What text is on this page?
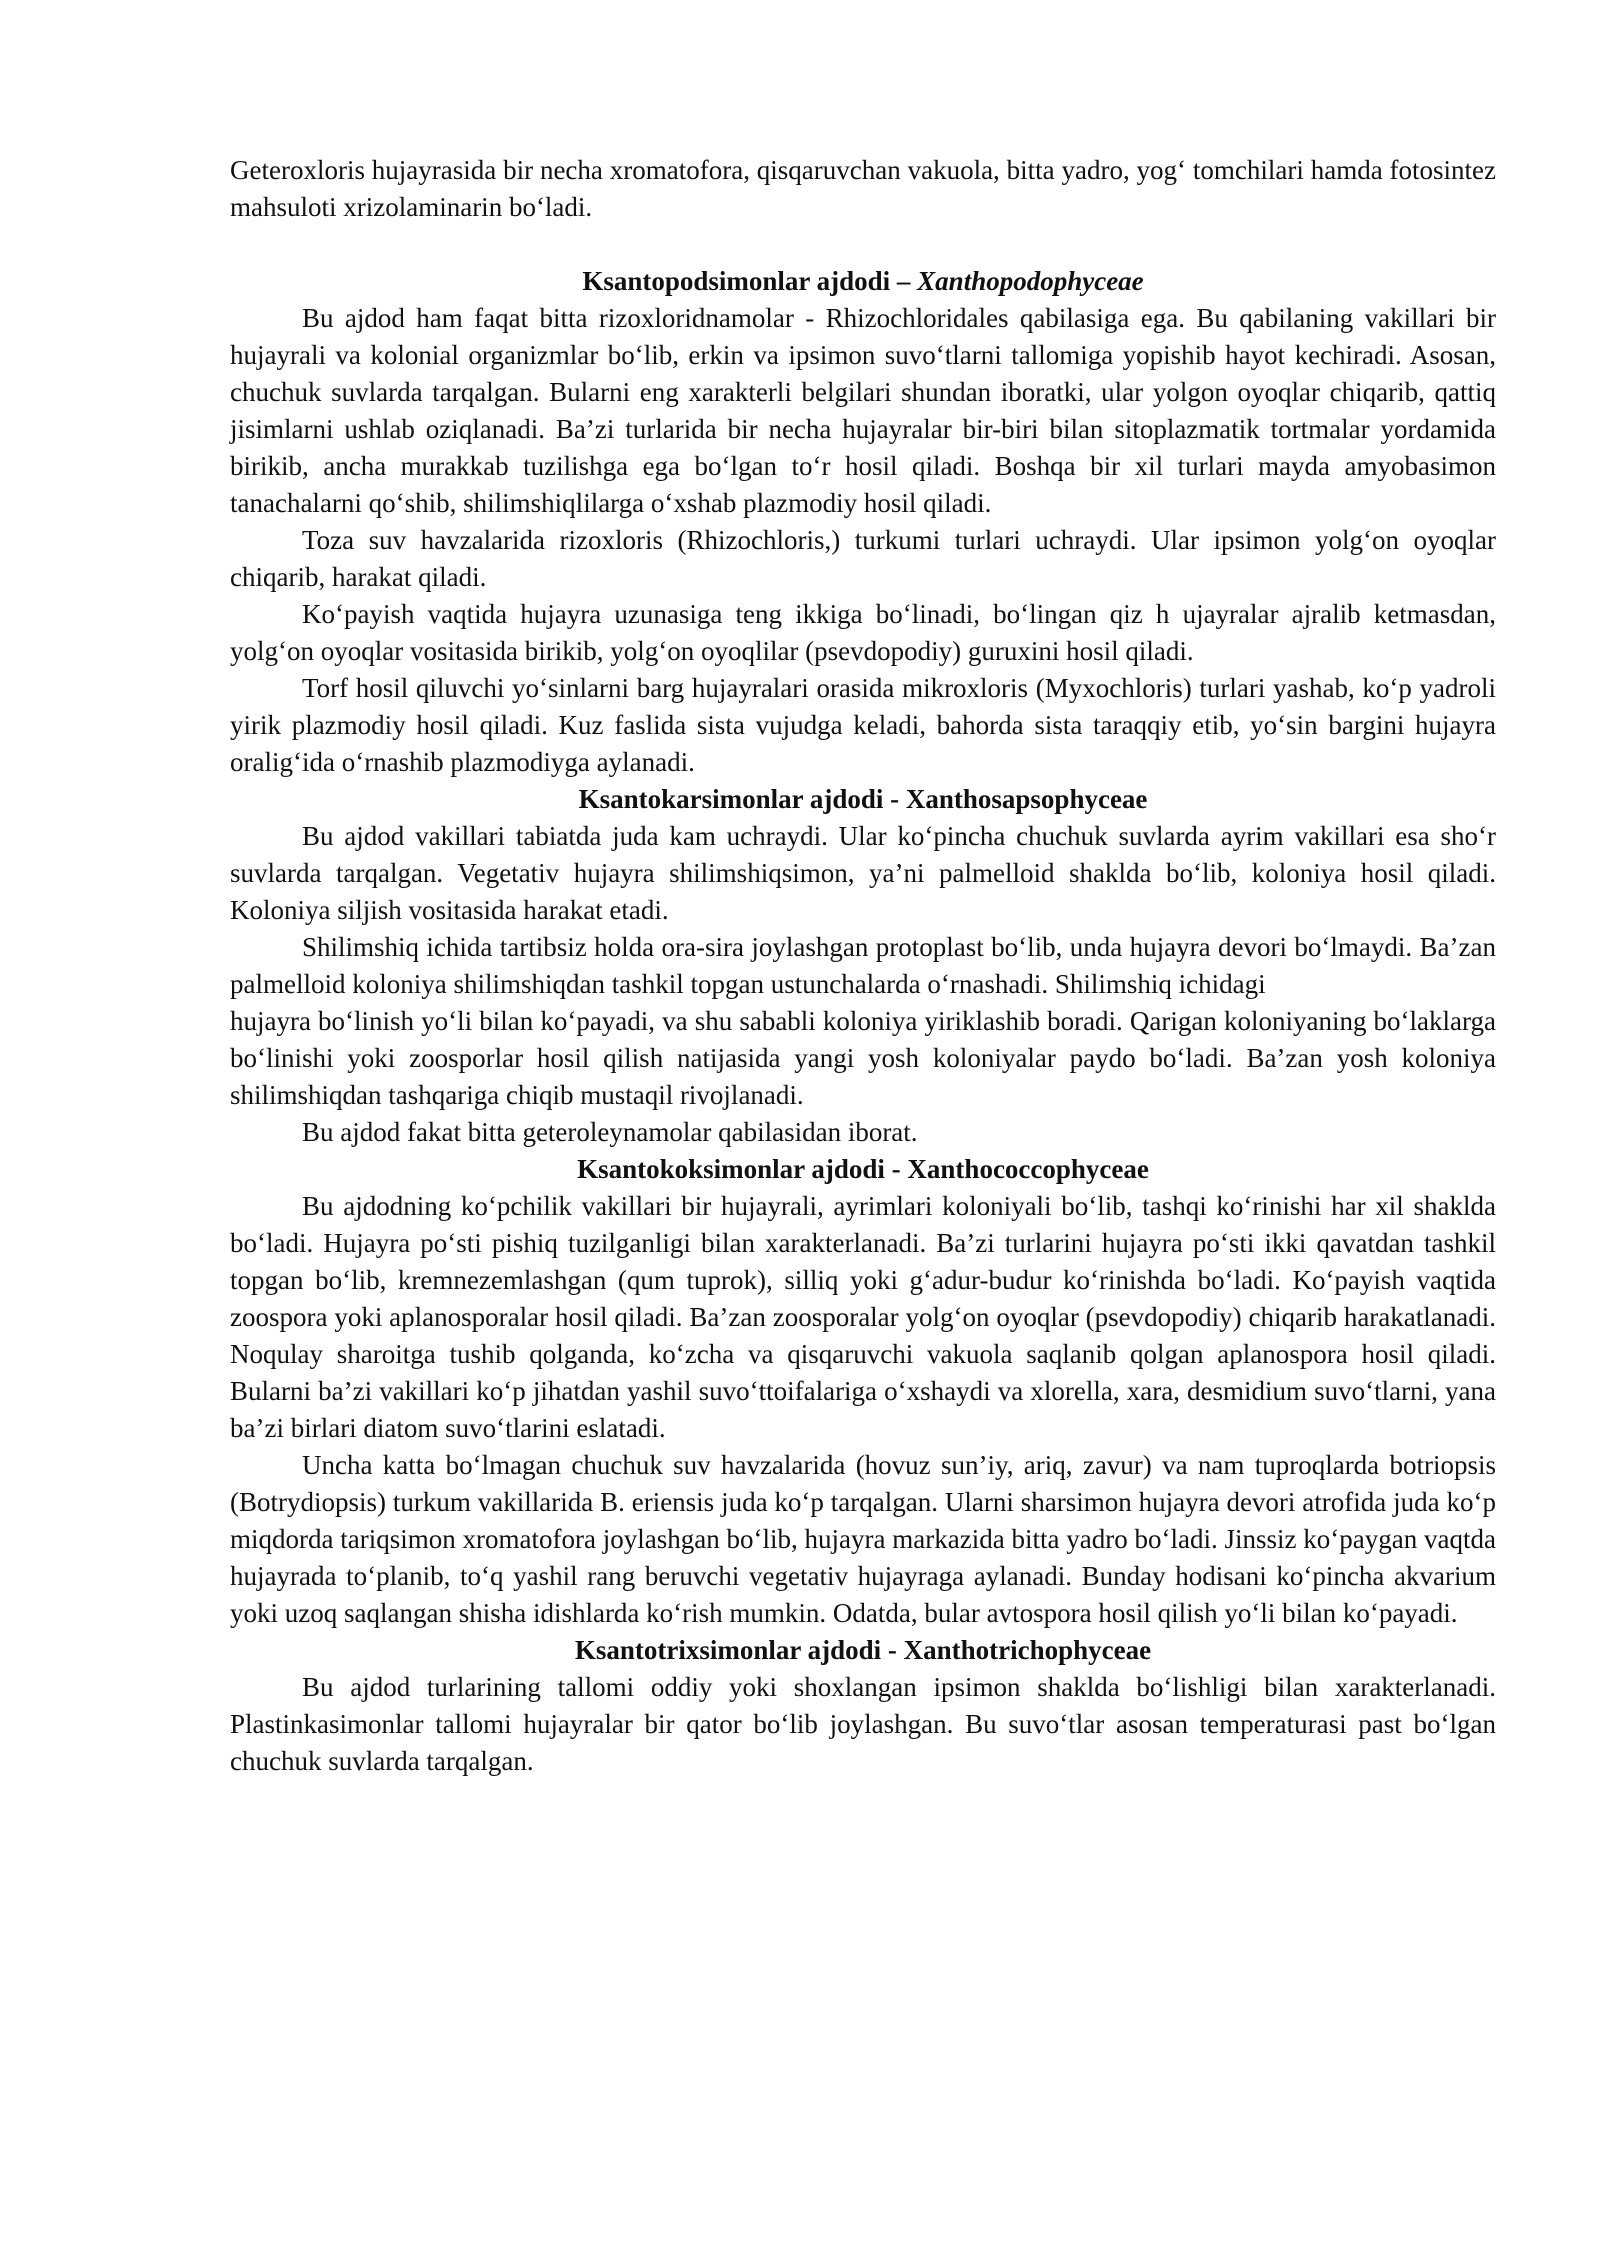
Geteroxloris hujayrasida bir necha xromatofora, qisqaruvchan vakuola, bitta yadro, yog‘ tomchilari hamda fotosintez mahsuloti xrizolaminarin bo‘ladi.

Ksantopodsimonlar ajdodi – Xanthopodophyceae

Bu ajdod ham faqat bitta rizoxloridnamolar - Rhizochloridales qabilasiga ega. Bu qabilaning vakillari bir hujayrali va kolonial organizmlar bo‘lib, erkin va ipsimon suvo‘tlarni tallomiga yopishib hayot kechiradi. Asosan, chuchuk suvlarda tarqalgan. Bularni eng xarakterli belgilari shundan iboratki, ular yolgon oyoqlar chiqarib, qattiq jisimlarni ushlab oziqlanadi. Ba’zi turlarida bir necha hujayralar bir-biri bilan sitoplazmatik tortmalar yordamida birikib, ancha murakkab tuzilishga ega bo‘lgan to‘r hosil qiladi. Boshqa bir xil turlari mayda amyobasimon tanachalarni qo‘shib, shilimshiqlilarga o‘xshab plazmodiy hosil qiladi.

Toza suv havzalarida rizoxloris (Rhizochloris,) turkumi turlari uchraydi. Ular ipsimon yolg‘on oyoqlar chiqarib, harakat qiladi.

Ko‘payish vaqtida hujayra uzunasiga teng ikkiga bo‘linadi, bo‘lingan qiz h ujayralar ajralib ketmasdan, yolg‘on oyoqlar vositasida birikib, yolg‘on oyoqlilar (psevdopodiy) guruxini hosil qiladi.

Torf hosil qiluvchi yo‘sinlarni barg hujayralari orasida mikroxloris (Myxochloris) turlari yashab, ko‘p yadroli yirik plazmodiy hosil qiladi. Kuz faslida sista vujudga keladi, bahorda sista taraqqiy etib, yo‘sin bargini hujayra oralig‘ida o‘rnashib plazmodiyga aylanadi.

Ksantokarsimonlar ajdodi - Xanthosapsophyceae

Bu ajdod vakillari tabiatda juda kam uchraydi. Ular ko‘pincha chuchuk suvlarda ayrim vakillari esa sho‘r suvlarda tarqalgan. Vegetativ hujayra shilimshiqsimon, ya’ni palmelloid shaklda bo‘lib, koloniya hosil qiladi. Koloniya siljish vositasida harakat etadi.

Shilimshiq ichida tartibsiz holda ora-sira joylashgan protoplast bo‘lib, unda hujayra devori bo‘lmaydi. Ba’zan palmelloid koloniya shilimshiqdan tashkil topgan ustunchalarda o‘rnashadi. Shilimshiq ichidagi

hujayra bo‘linish yo‘li bilan ko‘payadi, va shu sababli koloniya yiriklashib boradi. Qarigan koloniyaning bo‘laklarga bo‘linishi yoki zoosporlar hosil qilish natijasida yangi yosh koloniyalar paydo bo‘ladi. Ba’zan yosh koloniya shilimshiqdan tashqariga chiqib mustaqil rivojlanadi.

Bu ajdod fakat bitta geteroleynamolar qabilasidan iborat.

Ksantokoksimonlar ajdodi - Xanthococcophyceae

Bu ajdodning ko‘pchilik vakillari bir hujayrali, ayrimlari koloniyali bo‘lib, tashqi ko‘rinishi har xil shaklda bo‘ladi. Hujayra po‘sti pishiq tuzilganligi bilan xarakterlanadi. Ba’zi turlarini hujayra po‘sti ikki qavatdan tashkil topgan bo‘lib, kremnezemlashgan (qum tuprok), silliq yoki g‘adur-budur ko‘rinishda bo‘ladi. Ko‘payish vaqtida zoospora yoki aplanosporalar hosil qiladi. Ba’zan zoosporalar yolg‘on oyoqlar (psevdopodiy) chiqarib harakatlanadi. Noqulay sharoitga tushib qolganda, ko‘zcha va qisqaruvchi vakuola saqlanib qolgan aplanospora hosil qiladi. Bularni ba’zi vakillari ko‘p jihatdan yashil suvo‘ttoifalariga o‘xshaydi va xlorella, xara, desmidium suvo‘tlarni, yana ba’zi birlari diatom suvo‘tlarini eslatadi.

Uncha katta bo‘lmagan chuchuk suv havzalarida (hovuz sun’iy, ariq, zavur) va nam tuproqlarda botriopsis (Botrydiopsis) turkum vakillarida B. eriensis juda ko‘p tarqalgan. Ularni sharsimon hujayra devori atrofida juda ko‘p miqdorda tariqsimon xromatofora joylashgan bo‘lib, hujayra markazida bitta yadro bo‘ladi. Jinssiz ko‘paygan vaqtda hujayrada to‘planib, to‘q yashil rang beruvchi vegetativ hujayraga aylanadi. Bunday hodisani ko‘pincha akvarium yoki uzoq saqlangan shisha idishlarda ko‘rish mumkin. Odatda, bular avtospora hosil qilish yo‘li bilan ko‘payadi.

Ksantotrixsimonlar ajdodi - Xanthotrichophyceae

Bu ajdod turlarining tallomi oddiy yoki shoxlangan ipsimon shaklda bo‘lishligi bilan xarakterlanadi. Plastinkasimonlar tallomi hujayralar bir qator bo‘lib joylashgan. Bu suvo‘tlar asosan temperaturasi past bo‘lgan chuchuk suvlarda tarqalgan.
